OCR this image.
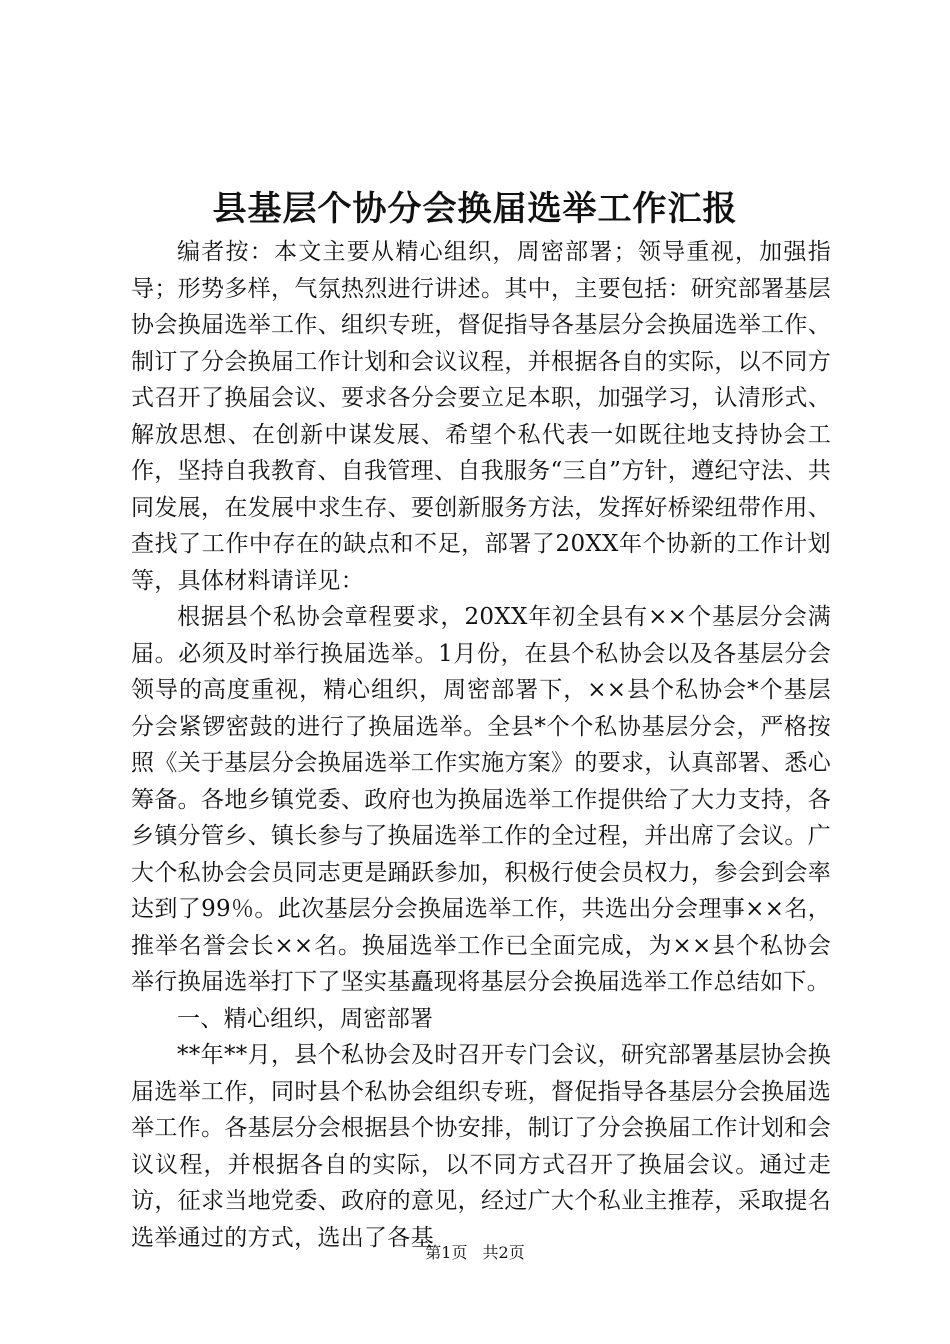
县基层个协分会换届选举工作汇报

编者按：本文主要从精心组织，周密部署；领导重视，加强指导；形势多样，气氛热烈进行讲述。其中，主要包括：研究部署基层协会换届选举工作、组织专班，督促指导各基层分会换届选举工作、制订了分会换届工作计划和会议议程，并根据各自的实际，以不同方式召开了换届会议、要求各分会要立足本职，加强学习，认清形式、解放思想、在创新中谋发展、希望个私代表一如既往地支持协会工作，坚持自我教育、自我管理、自我服务“三自”方针，遵纪守法、共同发展，在发展中求生存、要创新服务方法，发挥好桥梁纽带作用、查找了工作中存在的缺点和不足，部署了20XX年个协新的工作计划等，具体材料请详见：

根据县个私协会章程要求，20XX年初全县有××个基层分会满届。必须及时举行换届选举。1月份，在县个私协会以及各基层分会领导的高度重视，精心组织，周密部署下，××县个私协会*个基层分会紧锣密鼓的进行了换届选举。全县*个个私协基层分会，严格按照《关于基层分会换届选举工作实施方案》的要求，认真部署、悉心筹备。各地乡镇党委、政府也为换届选举工作提供给了大力支持，各乡镇分管乡、镇长参与了换届选举工作的全过程，并出席了会议。广大个私协会会员同志更是踊跃参加，积极行使会员权力，参会到会率达到了99％。此次基层分会换届选举工作，共选出分会理事××名，推举名誉会长××名。换届选举工作已全面完成，为××县个私协会举行换届选举打下了坚实基矗现将基层分会换届选举工作总结如下。

一、精心组织，周密部署

**年**月，县个私协会及时召开专门会议，研究部署基层协会换届选举工作，同时县个私协会组织专班，督促指导各基层分会换届选举工作。各基层分会根据县个协安排，制订了分会换届工作计划和会议议程，并根据各自的实际，以不同方式召开了换届会议。通过走访，征求当地党委、政府的意见，经过广大个私业主推荐，采取提名选举通过的方式，选出了各基

第1页 共2页
